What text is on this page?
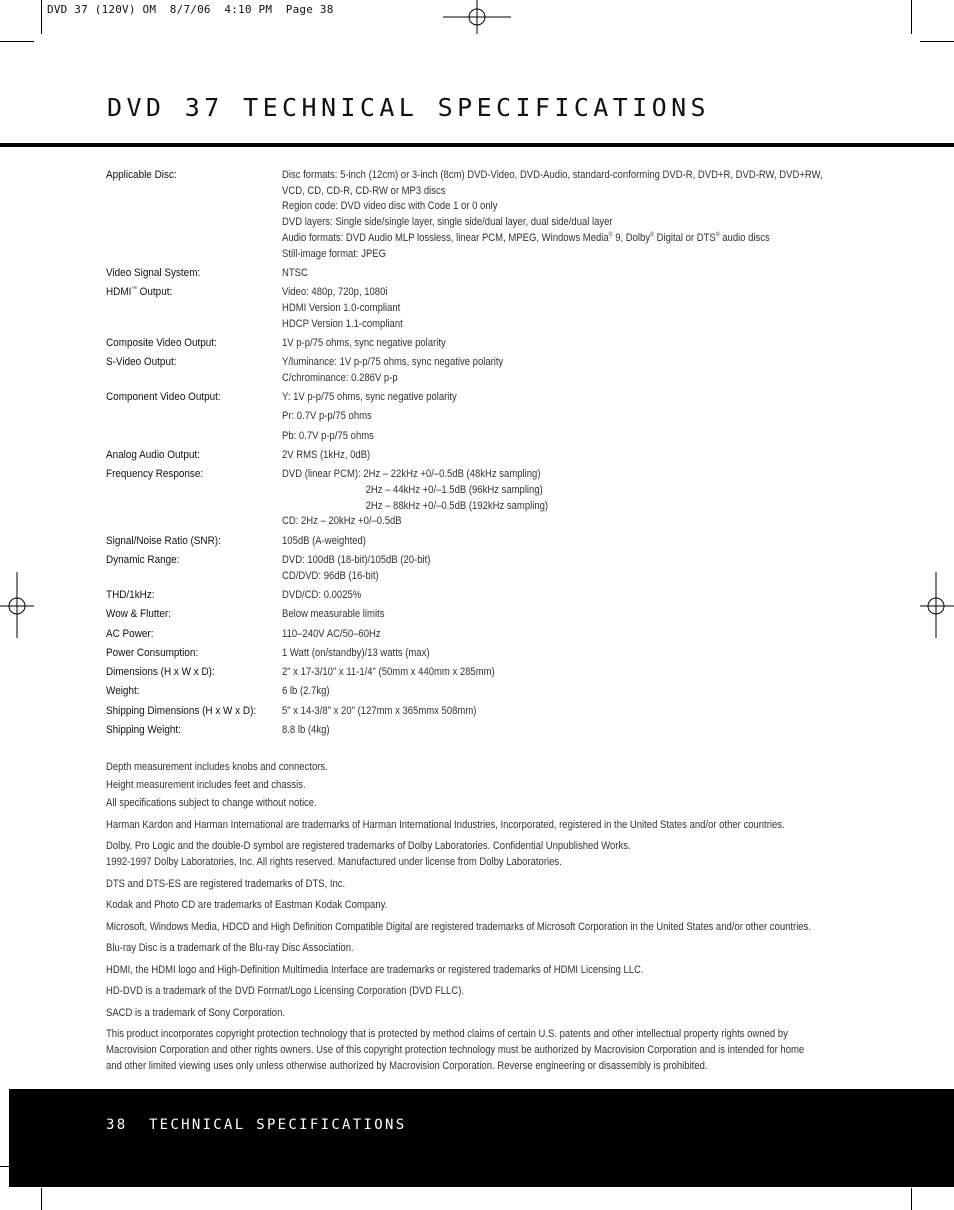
DVD 37 (120V) OM  8/7/06  4:10 PM  Page 38
DVD 37 TECHNICAL SPECIFICATIONS
Applicable Disc:	Disc formats: 5-inch (12cm) or 3-inch (8cm) DVD-Video, DVD-Audio, standard-conforming DVD-R, DVD+R, DVD-RW, DVD+RW,
VCD, CD, CD-R, CD-RW or MP3 discs
Region code: DVD video disc with Code 1 or 0 only
DVD layers: Single side/single layer, single side/dual layer, dual side/dual layer
Audio formats: DVD Audio MLP lossless, linear PCM, MPEG, Windows Media® 9, Dolby® Digital or DTS® audio discs
Still-image format: JPEG
Video Signal System:	NTSC
HDMI™ Output:	Video: 480p, 720p, 1080i
HDMI Version 1.0-compliant
HDCP Version 1.1-compliant
Composite Video Output:	1V p-p/75 ohms, sync negative polarity
S-Video Output:	Y/luminance: 1V p-p/75 ohms, sync negative polarity
C/chrominance: 0.286V p-p
Component Video Output:	Y: 1V p-p/75 ohms, sync negative polarity
Pr: 0.7V p-p/75 ohms
Pb: 0.7V p-p/75 ohms
Analog Audio Output:	2V RMS (1kHz, 0dB)
Frequency Response:	DVD (linear PCM): 2Hz – 22kHz +0/–0.5dB (48kHz sampling)
2Hz – 44kHz +0/–1.5dB (96kHz sampling)
2Hz – 88kHz +0/–0.5dB (192kHz sampling)
CD: 2Hz – 20kHz +0/–0.5dB
Signal/Noise Ratio (SNR):	105dB (A-weighted)
Dynamic Range:	DVD: 100dB (18-bit)/105dB (20-bit)
CD/DVD: 96dB (16-bit)
THD/1kHz:	DVD/CD: 0.0025%
Wow & Flutter:	Below measurable limits
AC Power:	110–240V AC/50–60Hz
Power Consumption:	1 Watt (on/standby)/13 watts (max)
Dimensions (H x W x D):	2" x 17-3/10" x 11-1/4" (50mm x 440mm x 285mm)
Weight:	6 lb (2.7kg)
Shipping Dimensions (H x W x D):	5" x 14-3/8" x 20" (127mm x 365mmx 508mm)
Shipping Weight:	8.8 lb (4kg)
Depth measurement includes knobs and connectors.
Height measurement includes feet and chassis.
All specifications subject to change without notice.
Harman Kardon and Harman International are trademarks of Harman International Industries, Incorporated, registered in the United States and/or other countries.
Dolby, Pro Logic and the double-D symbol are registered trademarks of Dolby Laboratories. Confidential Unpublished Works.
1992-1997 Dolby Laboratories, Inc. All rights reserved. Manufactured under license from Dolby Laboratories.
DTS and DTS-ES are registered trademarks of DTS, Inc.
Kodak and Photo CD are trademarks of Eastman Kodak Company.
Microsoft, Windows Media, HDCD and High Definition Compatible Digital are registered trademarks of Microsoft Corporation in the United States and/or other countries.
Blu-ray Disc is a trademark of the Blu-ray Disc Association.
HDMI, the HDMI logo and High-Definition Multimedia Interface are trademarks or registered trademarks of HDMI Licensing LLC.
HD-DVD is a trademark of the DVD Format/Logo Licensing Corporation (DVD FLLC).
SACD is a trademark of Sony Corporation.
This product incorporates copyright protection technology that is protected by method claims of certain U.S. patents and other intellectual property rights owned by
Macrovision Corporation and other rights owners. Use of this copyright protection technology must be authorized by Macrovision Corporation and is intended for home
and other limited viewing uses only unless otherwise authorized by Macrovision Corporation. Reverse engineering or disassembly is prohibited.
38 TECHNICAL SPECIFICATIONS
